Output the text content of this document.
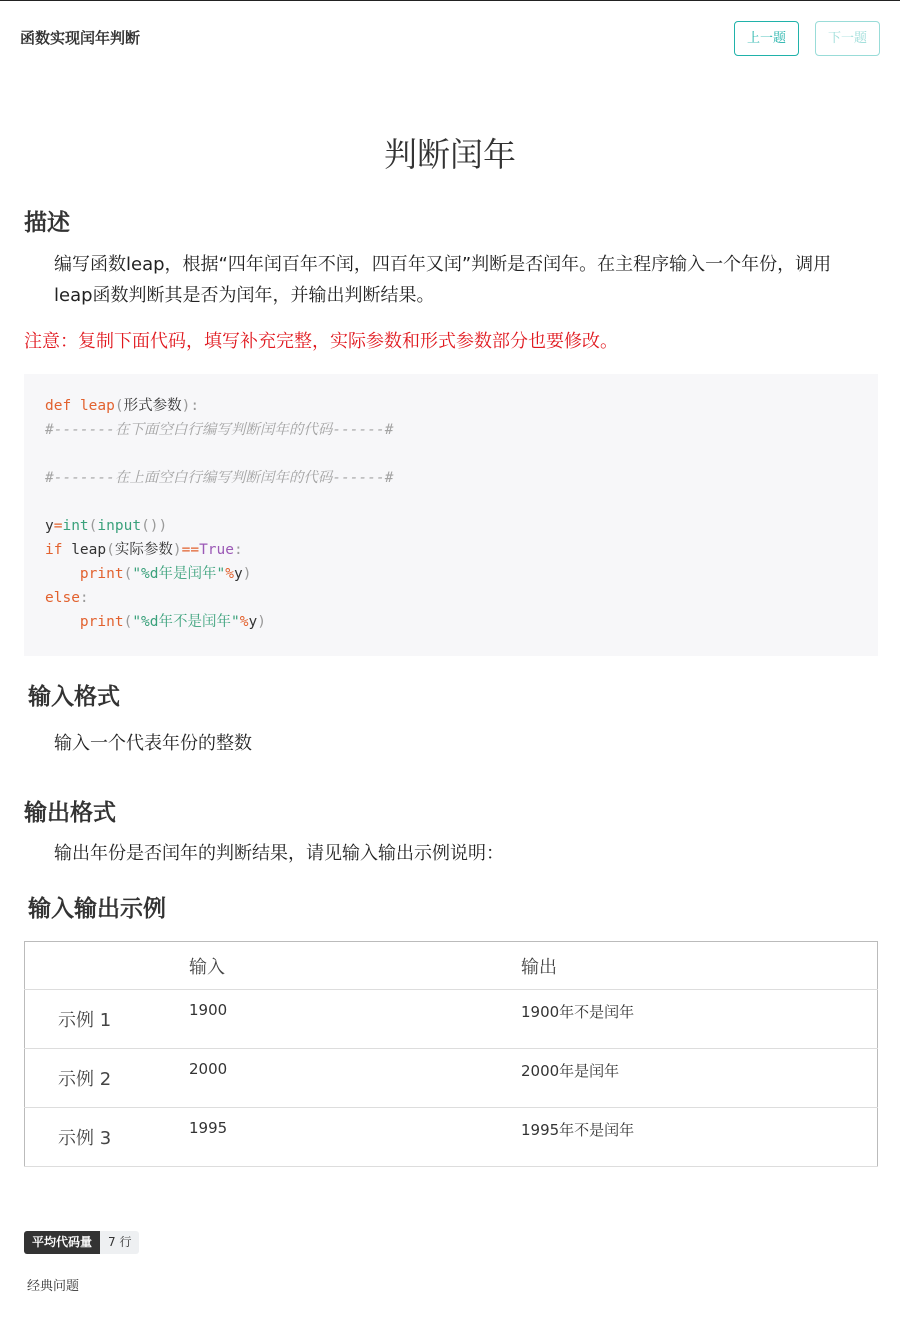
函数实现闰年判断	上一题	下一题
判断闰年
描述
编写函数leap，根据“四年闰百年不闰，四百年又闰”判断是否闰年。在主程序输入一个年份，调用
leap函数判断其是否为闰年，并输出判断结果。
注意：复制下面代码，填写补充完整，实际参数和形式参数部分也要修改。
def leap(形式参数):
#-------在下面空白行编写判断闰年的代码------#
#-------在上面空白行编写判断闰年的代码------#
y=int(input())
if leap(实际参数)==True:
print("%d年是闰年"%y)
else:
print("%d年不是闰年"%y)
输入格式
输入一个代表年份的整数
输出格式
输出年份是否闰年的判断结果，请见输入输出示例说明：
输入输出示例
	输入	输出
示例 1	1900	1900年不是闰年
示例 2	2000	2000年是闰年
示例 3	1995	1995年不是闰年
平均代码量	7 行
经典问题
